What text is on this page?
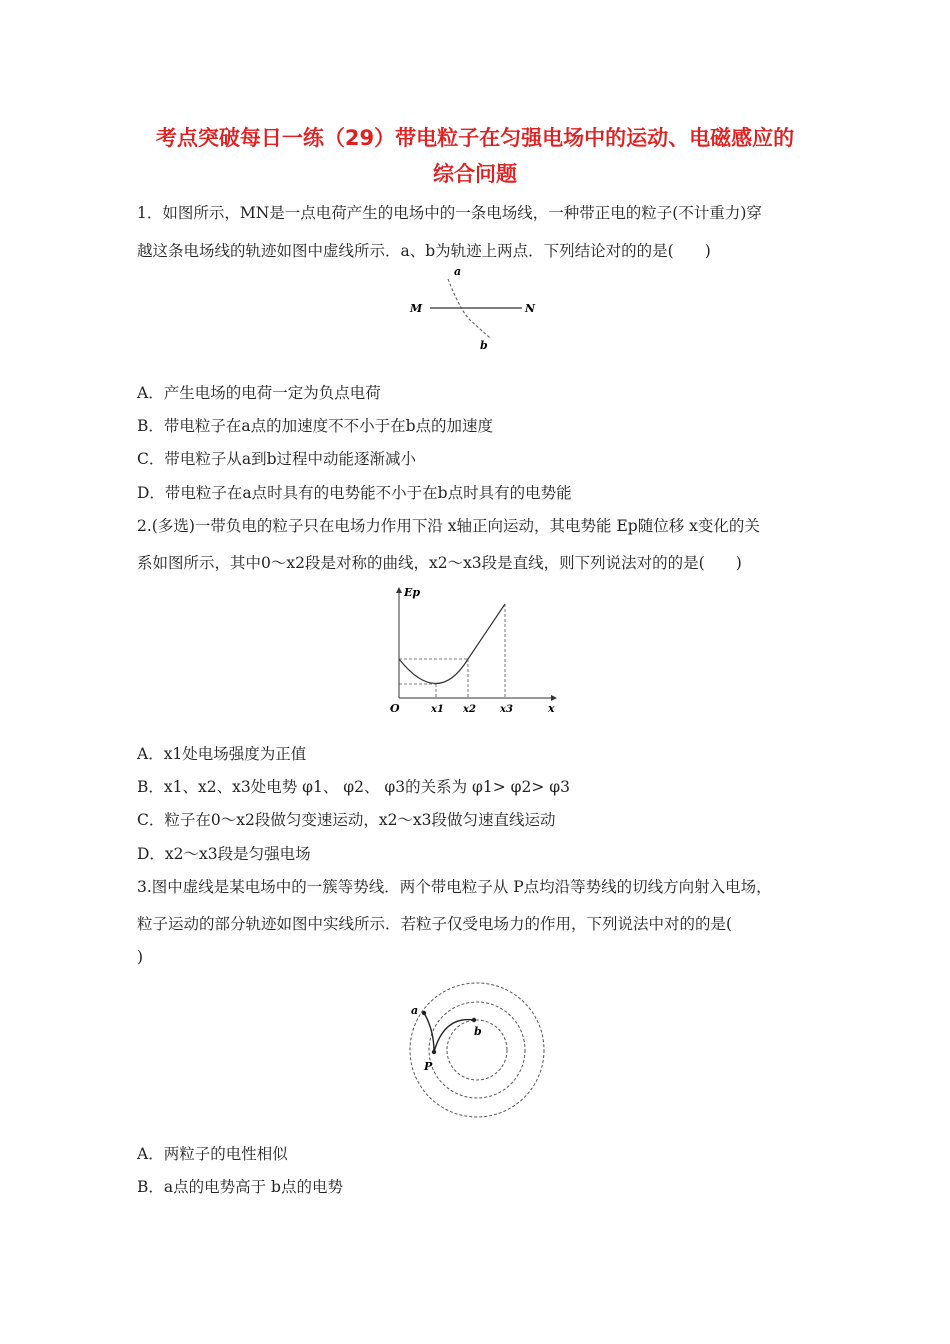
考点突破每日一练（29）带电粒子在匀强电场中的运动、电磁感应的
综合问题
1．如图所示，MN是一点电荷产生的电场中的一条电场线，一种带正电的粒子(不计重力)穿
越这条电场线的轨迹如图中虚线所示．a、b为轨迹上两点．下列结论对的的是(　　)
a
M	N
b
A．产生电场的电荷一定为负点电荷
B．带电粒子在a点的加速度不不小于在b点的加速度
C．带电粒子从a到b过程中动能逐渐减小
D．带电粒子在a点时具有的电势能不小于在b点时具有的电势能
2.(多选)一带负电的粒子只在电场力作用下沿 x轴正向运动，其电势能 Ep随位移 x变化的关
系如图所示，其中0～x2段是对称的曲线，x2～x3段是直线，则下列说法对的的是(　　)
Ep
O	x1 x2 x3	x
A．x1处电场强度为正值
B．x1、x2、x3处电势 φ1、 φ2、 φ3的关系为 φ1> φ2> φ3
C．粒子在0～x2段做匀变速运动，x2～x3段做匀速直线运动
D．x2～x3段是匀强电场
3.图中虚线是某电场中的一簇等势线．两个带电粒子从 P点均沿等势线的切线方向射入电场，
粒子运动的部分轨迹如图中实线所示．若粒子仅受电场力的作用，下列说法中对的的是(
)
a
b
P
A．两粒子的电性相似
B．a点的电势高于 b点的电势
